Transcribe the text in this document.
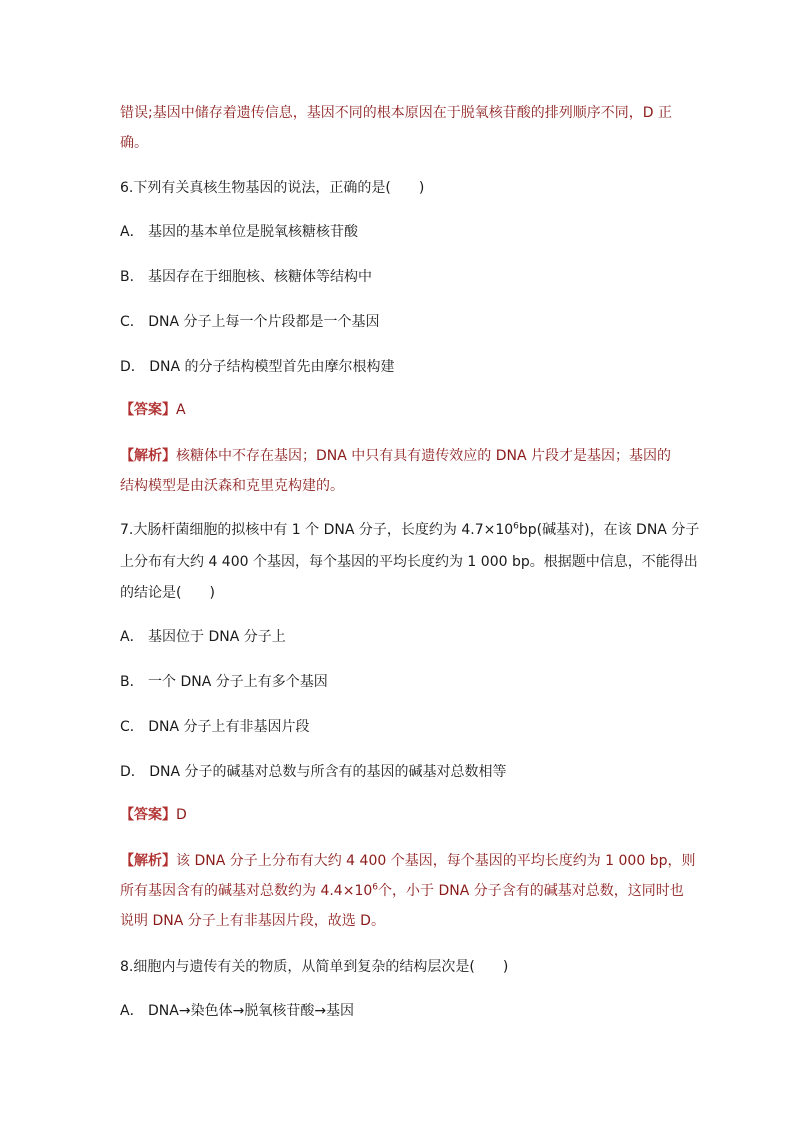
错误;基因中储存着遗传信息，基因不同的根本原因在于脱氧核苷酸的排列顺序不同，D 正
确。
6.下列有关真核生物基因的说法，正确的是(　　)
A． 基因的基本单位是脱氧核糖核苷酸
B． 基因存在于细胞核、核糖体等结构中
C． DNA 分子上每一个片段都是一个基因
D． DNA 的分子结构模型首先由摩尔根构建
【答案】A
【解析】核糖体中不存在基因；DNA 中只有具有遗传效应的 DNA 片段才是基因；基因的
结构模型是由沃森和克里克构建的。
7.大肠杆菌细胞的拟核中有 1 个 DNA 分子，长度约为 $4.7\times 10^6bp$(碱基对)，在该 DNA 分子
上分布有大约 4 400 个基因，每个基因的平均长度约为 1 000 bp。根据题中信息，不能得出
的结论是(　　)
A． 基因位于 DNA 分子上
B． 一个 DNA 分子上有多个基因
C． DNA 分子上有非基因片段
D． DNA 分子的碱基对总数与所含有的基因的碱基对总数相等
【答案】D
【解析】该 DNA 分子上分布有大约 4 400 个基因，每个基因的平均长度约为 1 000 bp，则
所有基因含有的碱基对总数约为 $4.4\times 10^6$个，小于 DNA 分子含有的碱基对总数，这同时也
说明 DNA 分子上有非基因片段，故选 D。
8.细胞内与遗传有关的物质，从简单到复杂的结构层次是(　　)
A． DNA→染色体→脱氧核苷酸→基因
